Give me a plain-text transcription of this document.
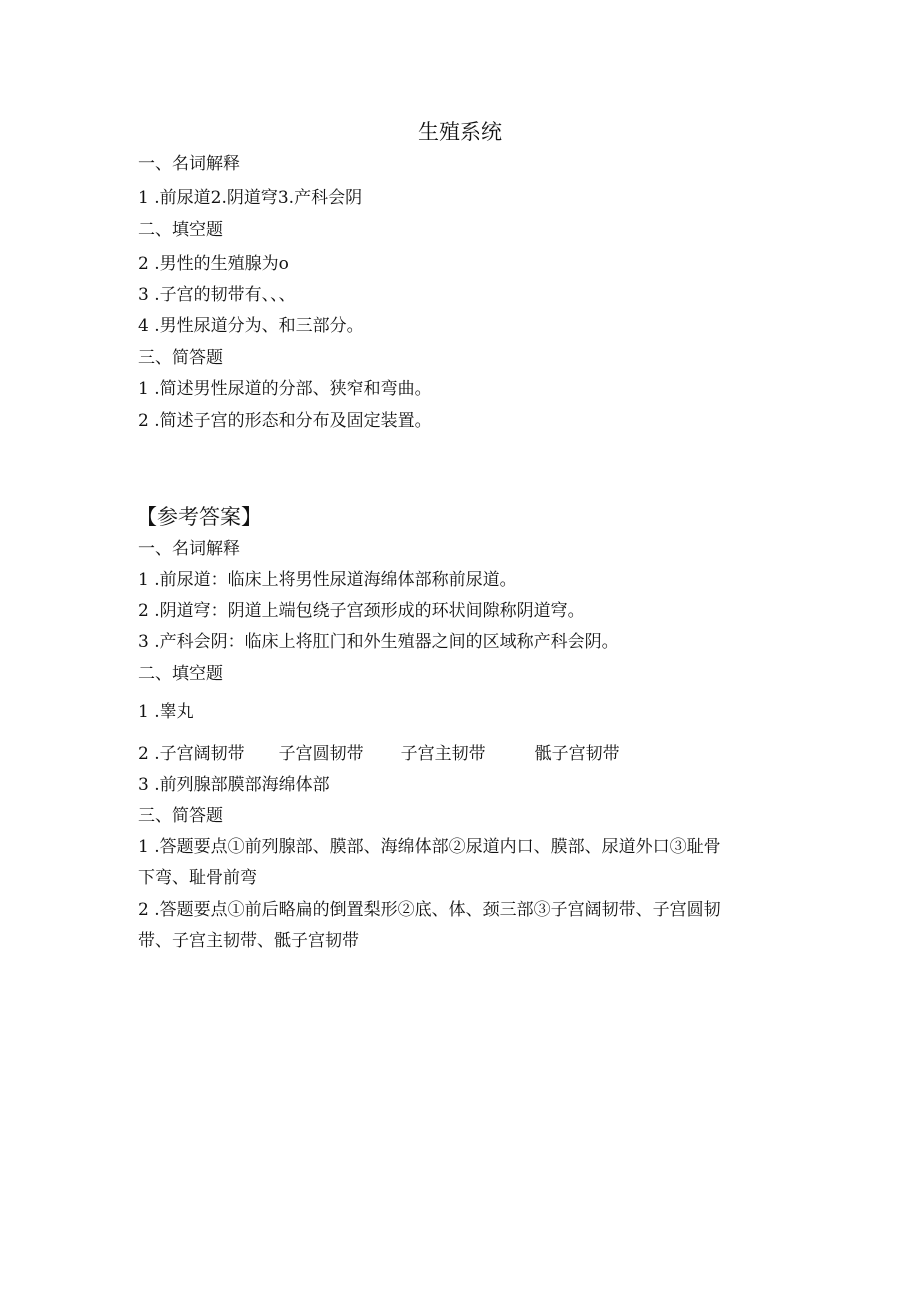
生殖系统
一、名词解释
1 .前尿道2.阴道穹3.产科会阴
二、填空题
2 .男性的生殖腺为o
3 .子宫的韧带有、、、
4 .男性尿道分为、和三部分。
三、简答题
1 .简述男性尿道的分部、狭窄和弯曲。
2 .简述子宫的形态和分布及固定装置。
【参考答案】
一、名词解释
1 .前尿道：临床上将男性尿道海绵体部称前尿道。
2 .阴道穹：阴道上端包绕子宫颈形成的环状间隙称阴道穹。
3 .产科会阴：临床上将肛门和外生殖器之间的区域称产科会阴。
二、填空题
1 .睾丸
2 .子宫阔韧带 子宫圆韧带 子宫主韧带	骶子宫韧带
3 .前列腺部膜部海绵体部
三、简答题
1 .答题要点①前列腺部、膜部、海绵体部②尿道内口、膜部、尿道外口③耻骨
下弯、耻骨前弯
2 .答题要点①前后略扁的倒置梨形②底、体、颈三部③子宫阔韧带、子宫圆韧
带、子宫主韧带、骶子宫韧带
